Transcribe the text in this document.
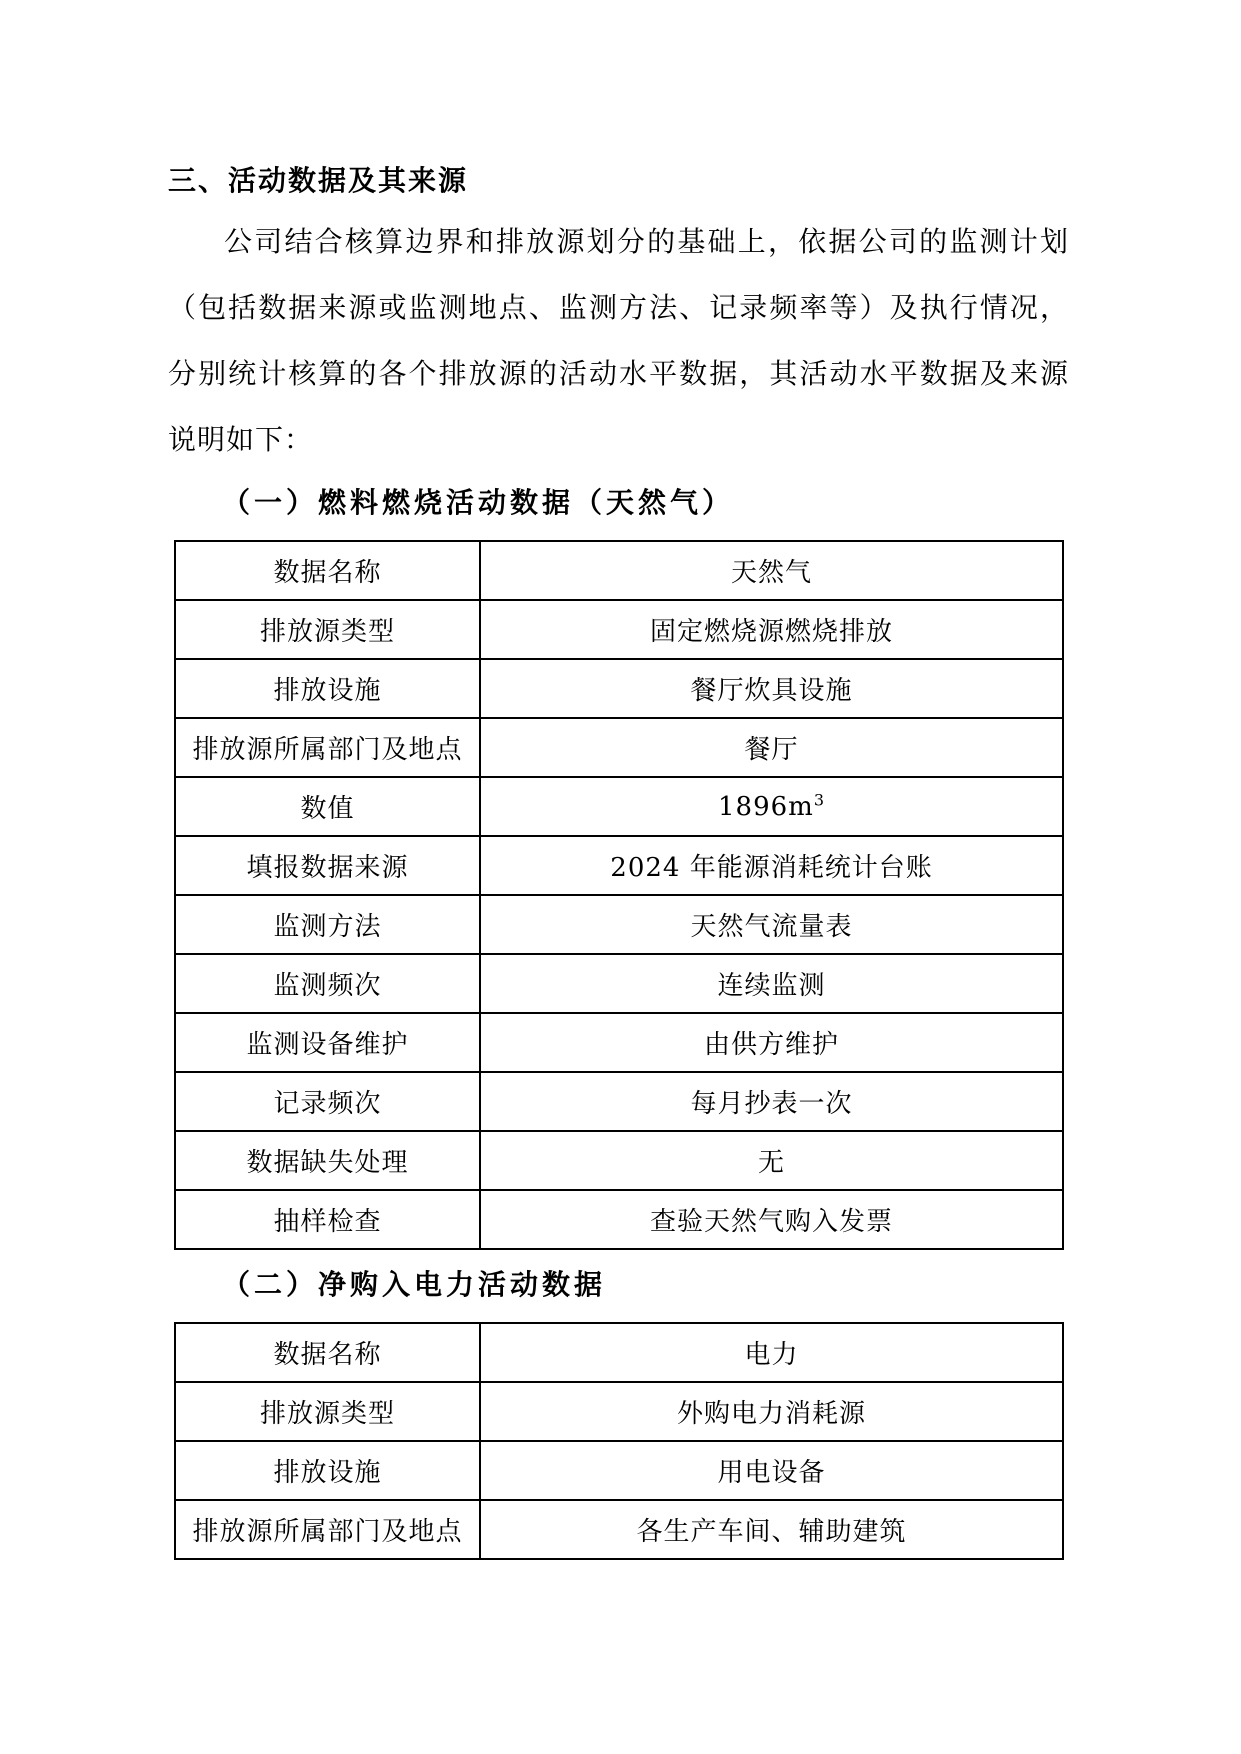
三、活动数据及其来源
公司结合核算边界和排放源划分的基础上，依据公司的监测计划
（包括数据来源或监测地点、监测方法、记录频率等）及执行情况，
分别统计核算的各个排放源的活动水平数据，其活动水平数据及来源
说明如下：
（一）燃料燃烧活动数据（天然气）
数据名称	天然气
排放源类型	固定燃烧源燃烧排放
排放设施	餐厅炊具设施
排放源所属部门及地点	餐厅
数值	$1896m^3$
填报数据来源	2024 年能源消耗统计台账
监测方法	天然气流量表
监测频次	连续监测
监测设备维护	由供方维护
记录频次	每月抄表一次
数据缺失处理	无
抽样检查	查验天然气购入发票
（二）净购入电力活动数据
数据名称	电力
排放源类型	外购电力消耗源
排放设施	用电设备
排放源所属部门及地点	各生产车间、辅助建筑
